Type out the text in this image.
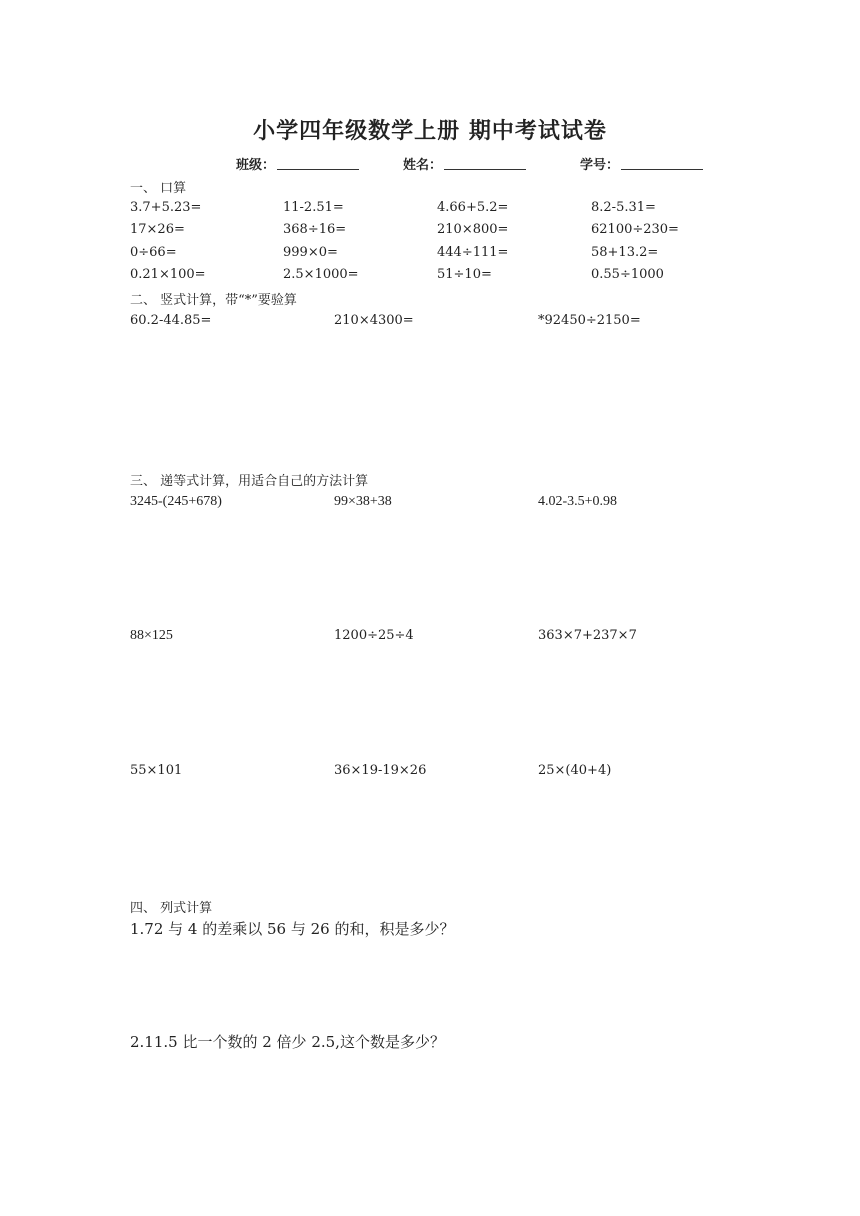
小学四年级数学上册 期中考试试卷
班级：	姓名：	学号：
一、 口算
3.7+5.23=	11-2.51=	4.66+5.2=	8.2-5.31=
17×26=	368÷16=	210×800=	62100÷230=
0÷66=	999×0=	444÷111=	58+13.2=
0.21×100=	2.5×1000=	51÷10=	0.55÷1000
二、 竖式计算，带“*”要验算
60.2-44.85=	210×4300=	*92450÷2150=
三、 递等式计算，用适合自己的方法计算
3245-(245+678)	99×38+38	4.02-3.5+0.98
88×125	1200÷25÷4	363×7+237×7
55×101	36×19-19×26	25×(40+4)
四、 列式计算
1.72 与 4 的差乘以 56 与 26 的和，积是多少？
2.11.5 比一个数的 2 倍少 2.5,这个数是多少？
